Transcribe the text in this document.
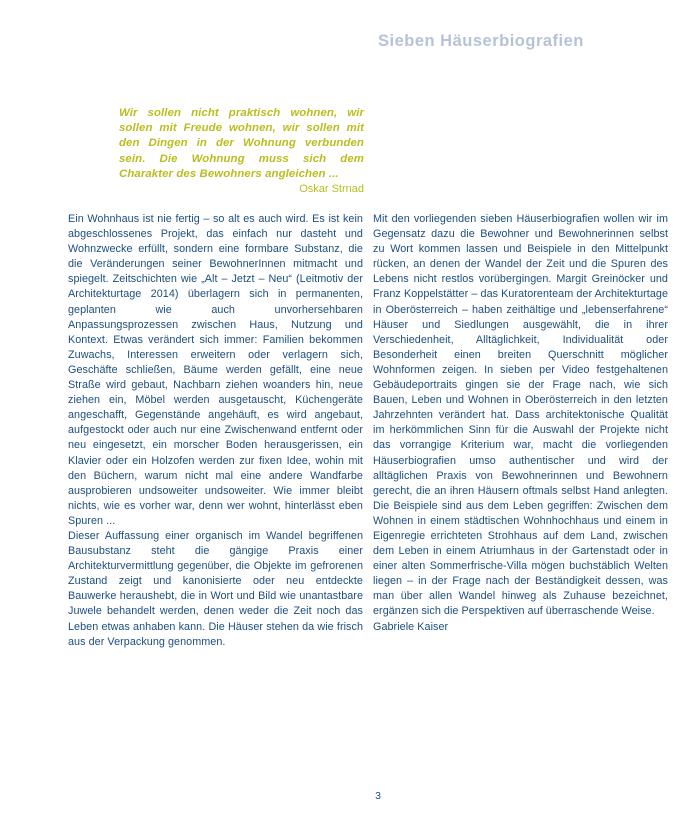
Sieben Häuserbiografien
Wir sollen nicht praktisch wohnen, wir sollen mit Freude wohnen, wir sollen mit den Dingen in der Wohnung verbunden sein. Die Wohnung muss sich dem Charakter des Bewohners angleichen ...
Oskar Strnad

Ein Wohnhaus ist nie fertig – so alt es auch wird. Es ist kein abgeschlossenes Projekt, das einfach nur dasteht und Wohnzwecke erfüllt, sondern eine formbare Substanz, die die Veränderungen seiner BewohnerInnen mitmacht und spiegelt. Zeitschichten wie „Alt – Jetzt – Neu“ (Leitmotiv der Architekturtage 2014) überlagern sich in permanenten, geplanten wie auch unvorhersehbaren Anpassungsprozessen zwischen Haus, Nutzung und Kontext. Etwas verändert sich immer: Familien bekommen Zuwachs, Interessen erweitern oder verlagern sich, Geschäfte schließen, Bäume werden gefällt, eine neue Straße wird gebaut, Nachbarn ziehen woanders hin, neue ziehen ein, Möbel werden ausgetauscht, Küchengeräte angeschafft, Gegenstände angehäuft, es wird angebaut, aufgestockt oder auch nur eine Zwischenwand entfernt oder neu eingesetzt, ein morscher Boden herausgerissen, ein Klavier oder ein Holzofen werden zur fixen Idee, wohin mit den Büchern, warum nicht mal eine andere Wandfarbe ausprobieren undsoweiter undsoweiter. Wie immer bleibt nichts, wie es vorher war, denn wer wohnt, hinterlässt eben Spuren ...

Dieser Auffassung einer organisch im Wandel begriffenen Bausubstanz steht die gängige Praxis einer Architekturvermittlung gegenüber, die Objekte im gefrorenen Zustand zeigt und kanonisierte oder neu entdeckte Bauwerke heraushebt, die in Wort und Bild wie unantastbare Juwele behandelt werden, denen weder die Zeit noch das Leben etwas anhaben kann. Die Häuser stehen da wie frisch aus der Verpackung genommen.

Mit den vorliegenden sieben Häuserbiografien wollen wir im Gegensatz dazu die Bewohner und Bewohnerinnen selbst zu Wort kommen lassen und Beispiele in den Mittelpunkt rücken, an denen der Wandel der Zeit und die Spuren des Lebens nicht restlos vorübergingen. Margit Greinöcker und Franz Koppelstätter – das Kuratorenteam der Architekturtage in Oberösterreich – haben zeithältige und „lebenserfahrene“ Häuser und Siedlungen ausgewählt, die in ihrer Verschiedenheit, Alltäglichkeit, Individualität oder Besonderheit einen breiten Querschnitt möglicher Wohnformen zeigen. In sieben per Video festgehaltenen Gebäudeportraits gingen sie der Frage nach, wie sich Bauen, Leben und Wohnen in Oberösterreich in den letzten Jahrzehnten verändert hat. Dass architektonische Qualität im herkömmlichen Sinn für die Auswahl der Projekte nicht das vorrangige Kriterium war, macht die vorliegenden Häuserbiografien umso authentischer und wird der alltäglichen Praxis von Bewohnerinnen und Bewohnern gerecht, die an ihren Häusern oftmals selbst Hand anlegten. Die Beispiele sind aus dem Leben gegriffen: Zwischen dem Wohnen in einem städtischen Wohnhochhaus und einem in Eigenregie errichteten Strohhaus auf dem Land, zwischen dem Leben in einem Atriumhaus in der Gartenstadt oder in einer alten Sommerfrische-Villa mögen buchstäblich Welten liegen – in der Frage nach der Beständigkeit dessen, was man über allen Wandel hinweg als Zuhause bezeichnet, ergänzen sich die Perspektiven auf überraschende Weise.

Gabriele Kaiser

3
